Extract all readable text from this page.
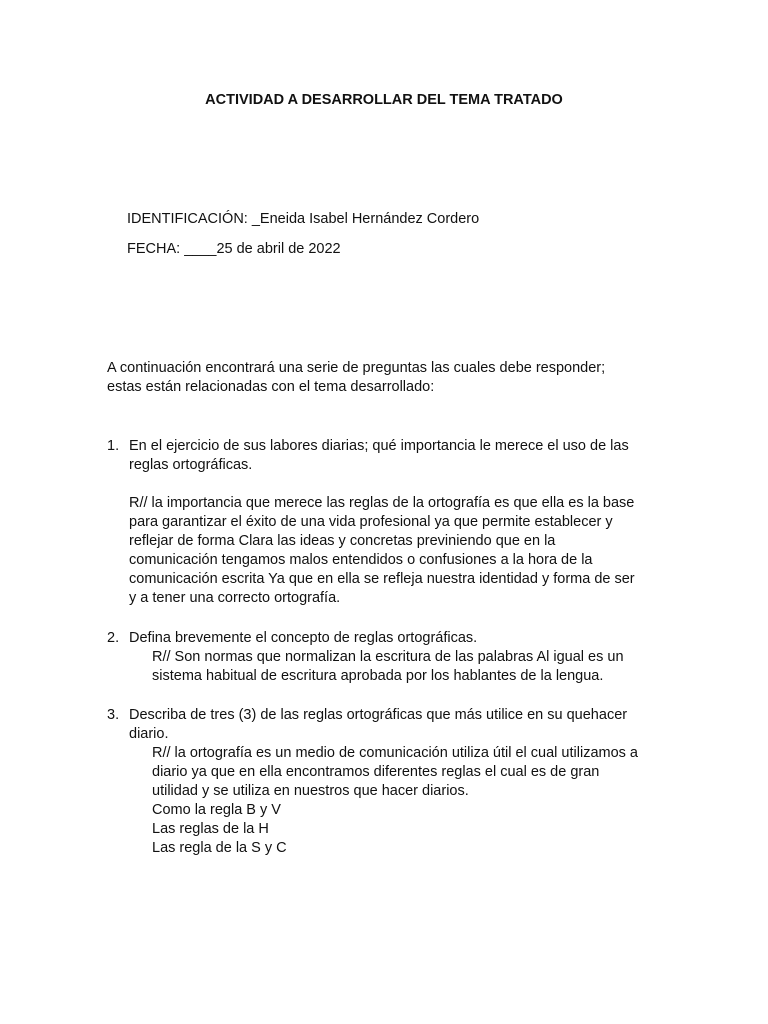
ACTIVIDAD A DESARROLLAR DEL TEMA TRATADO
IDENTIFICACIÓN: _Eneida Isabel Hernández Cordero
FECHA: ____25 de abril de 2022
A continuación encontrará una serie de preguntas las cuales debe responder;
estas están relacionadas con el tema desarrollado:
1. En el ejercicio de sus labores diarias; qué importancia le merece el uso de las
reglas ortográficas.
R// la importancia que merece las reglas de la ortografía es que ella es la base
para garantizar el éxito de una vida profesional ya que permite establecer y
reflejar de forma Clara las ideas y concretas previniendo que en la
comunicación tengamos malos entendidos o confusiones a la hora de la
comunicación escrita Ya que en ella se refleja nuestra identidad y forma de ser
y a tener una correcto ortografía.
2. Defina brevemente el concepto de reglas ortográficas.
R// Son normas que normalizan la escritura de las palabras Al igual es un
sistema habitual de escritura aprobada por los hablantes de la lengua.
3. Describa de tres (3) de las reglas ortográficas que más utilice en su quehacer
diario.
R// la ortografía es un medio de comunicación utiliza útil el cual utilizamos a
diario ya que en ella encontramos diferentes reglas el cual es de gran
utilidad y se utiliza en nuestros que hacer diarios.
Como la regla B y V
Las reglas de la H
Las regla de la S y C
